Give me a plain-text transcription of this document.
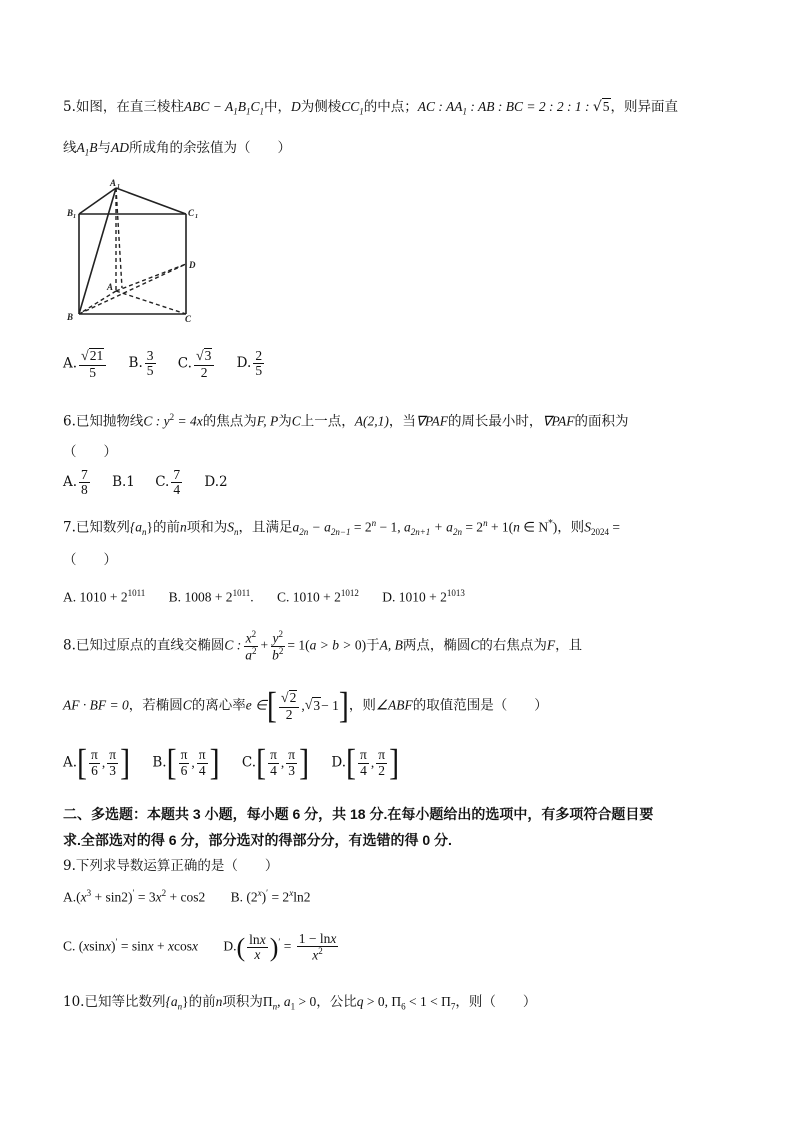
5.如图，在直三棱柱ABC − $A_1B_1C_1$中，D为侧棱$CC_1$的中点；AC : $AA_1$ : AB : BC = 2 : 2 : 1 : √ 5，则异面直
线$A_1B$与AD所成角的余弦值为（　　）
A 1
B 1	C 1
A
D
B	C
A. √ $\frac{21}{5} B$. $\frac{3}{5} C$. √ $\frac{3}{2} D$. $\frac{2}{5}$
6.已知抛物线C : $y^2 = 4x$的焦点为F, P为C上一点，A(2,1)，当∇PAF的周长最小时，∇PAF的面积为
（　　）
A. $\frac{7}{8} B.1$ C. $\frac{7}{4} D.2$
7.已知数列$\{a_n\}$的前n项和为$S_n$，且满足$a_{2n} - a_{2n-1} = 2^n - 1$, $a_{2n+1} + a_{2n} = 2^n + 1(n$ ∈ N*)，则$S_{2024}$ =
（　　）
A. $1010 + 2^{1011}$ B. $1008 + 2^{1011}$. C. $1010 + 2^{1012}$ D. $1010 + 2^{1013}$
8.已知过原点的直线交椭圆C : $\frac{x^2}{a^2} + \frac{y^2}{b^2} = 1(a > b > 0)$于A, B两点，椭圆C的右焦点为F，且
AF · BF = 0，若椭圆C的离心率e ∈ [ √ $\frac{2}{2}$ , √ 3 − 1 ] ，则∠ABF的取值范围是（　　）
A. [ $\frac{\pi}{6}$ , $\frac{\pi}{3}$ ] B. [ $\frac{\pi}{6}$ , $\frac{\pi}{4}$ ] C. [ $\frac{\pi}{4}$ , $\frac{\pi}{3}$ ] D. [ $\frac{\pi}{4}$ , $\frac{\pi}{2}$ ]
二、多选题：本题共 3 小题，每小题 6 分，共 18 分.在每小题给出的选项中，有多项符合题目要
求.全部选对的得 6 分，部分选对的得部分分，有选错的得 0 分.
9.下列求导数运算正确的是（　　）
$A.(x^3 + \sin 2)' = 3x^2 + \cos 2$ B. $(2^x)' = 2^x\ln 2$
C. (xsinx)′ = sinx + xcosx D. ( $\frac{\ln x}{x}$ ) $' = \frac{1 - \ln x}{x^2}$
10.已知等比数列$\{a_n\}$的前n项积为$\Pi_n$, $a_1 > 0$，公比q > 0, $\Pi_6 < 1 < \Pi_7$，则（　　）
